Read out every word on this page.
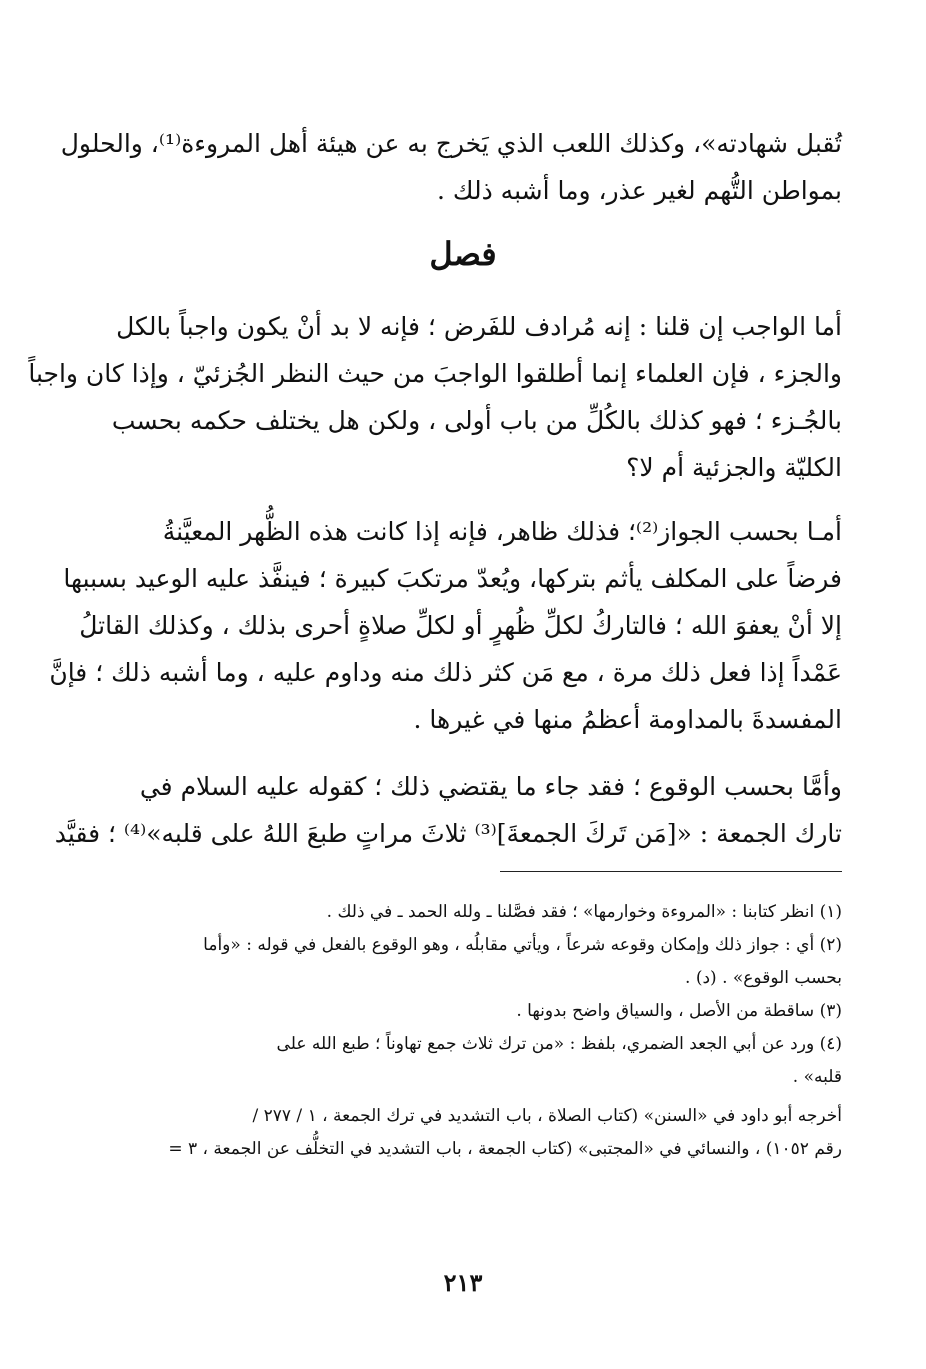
تُقبل شهادته»، وكذلك اللعب الذي يَخرج به عن هيئة أهل المروءة⁽¹⁾، والحلول
بمواطن التُّهم لغير عذر، وما أشبه ذلك .
فصل
أما الواجب إن قلنا : إنه مُرادف للفَرض ؛ فإنه لا بد أنْ يكون واجباً بالكل
والجزء ، فإن العلماء إنما أطلقوا الواجبَ من حيث النظر الجُزئيّ ، وإذا كان واجباً
بالجُـزء ؛ فهو كذلك بالكُلِّ من باب أولى ، ولكن هل يختلف حكمه بحسب
الكليّة والجزئية أم لا؟
أمـا بحسب الجواز⁽²⁾؛ فذلك ظاهر، فإنه إذا كانت هذه الظُّهر المعيَّنةُ
فرضاً على المكلف يأثم بتركها، ويُعدّ مرتكبَ كبيرة ؛ فينفَّذ عليه الوعيد بسببها
إلا أنْ يعفوَ الله ؛ فالتاركُ لكلِّ ظُهرٍ أو لكلِّ صلاةٍ أحرى بذلك ، وكذلك القاتلُ
عَمْداً إذا فعل ذلك مرة ، مع مَن كثر ذلك منه وداوم عليه ، وما أشبه ذلك ؛ فإنَّ
المفسدةَ بالمداومة أعظمُ منها في غيرها .
وأمَّا بحسب الوقوع ؛ فقد جاء ما يقتضي ذلك ؛ كقوله عليه السلام في
تارك الجمعة : «[مَن تَركَ الجمعةَ]⁽³⁾ ثلاثَ مراتٍ طبعَ اللهُ على قلبه»⁽⁴⁾ ؛ فقيَّد
(١) انظر كتابنا : «المروءة وخوارمها» ؛ فقد فصَّلنا ـ ولله الحمد ـ في ذلك .
(٢) أي : جواز ذلك وإمكان وقوعه شرعاً ، ويأتي مقابلُه ، وهو الوقوع بالفعل في قوله : «وأما
بحسب الوقوع» . (د) .
(٣) ساقطة من الأصل ، والسياق واضح بدونها .
(٤) ورد عن أبي الجعد الضمري، بلفظ : «من ترك ثلاث جمع تهاوناً ؛ طبع الله على
قلبه» .
أخرجه أبو داود في «السنن» (كتاب الصلاة ، باب التشديد في ترك الجمعة ، ١ / ٢٧٧ /
رقم ١٠٥٢) ، والنسائي في «المجتبى» (كتاب الجمعة ، باب التشديد في التخلُّف عن الجمعة ، ٣ =
٢١٣
